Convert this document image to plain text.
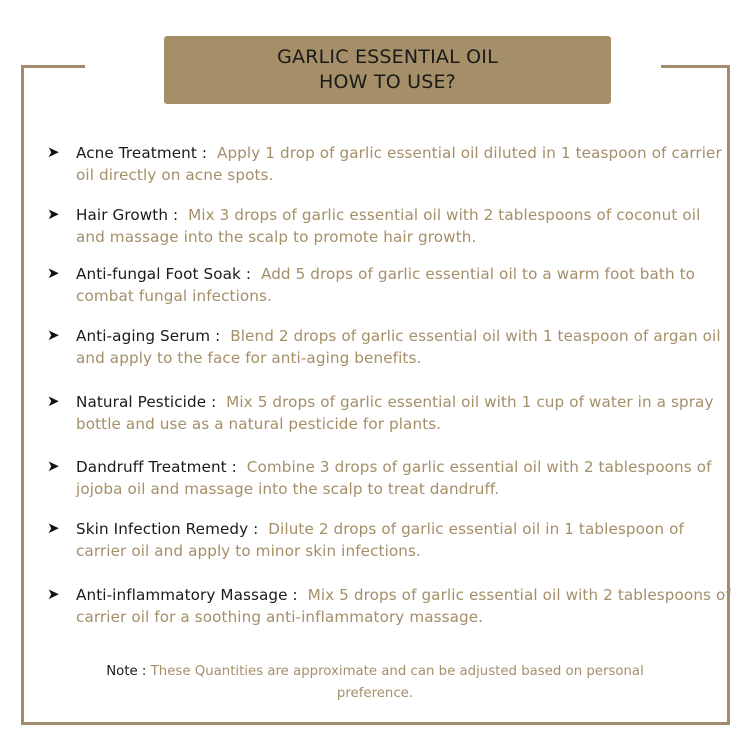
GARLIC ESSENTIAL OIL
HOW TO USE?
➤ Acne Treatment : Apply 1 drop of garlic essential oil diluted in 1 teaspoon of carrier oil directly on acne spots.
➤ Hair Growth : Mix 3 drops of garlic essential oil with 2 tablespoons of coconut oil and massage into the scalp to promote hair growth.
➤ Anti-fungal Foot Soak : Add 5 drops of garlic essential oil to a warm foot bath to combat fungal infections.
➤ Anti-aging Serum : Blend 2 drops of garlic essential oil with 1 teaspoon of argan oil and apply to the face for anti-aging benefits.
➤ Natural Pesticide : Mix 5 drops of garlic essential oil with 1 cup of water in a spray bottle and use as a natural pesticide for plants.
➤ Dandruff Treatment : Combine 3 drops of garlic essential oil with 2 tablespoons of jojoba oil and massage into the scalp to treat dandruff.
➤ Skin Infection Remedy : Dilute 2 drops of garlic essential oil in 1 tablespoon of carrier oil and apply to minor skin infections.
➤ Anti-inflammatory Massage : Mix 5 drops of garlic essential oil with 2 tablespoons of carrier oil for a soothing anti-inflammatory massage.
Note : These Quantities are approximate and can be adjusted based on personal preference.
